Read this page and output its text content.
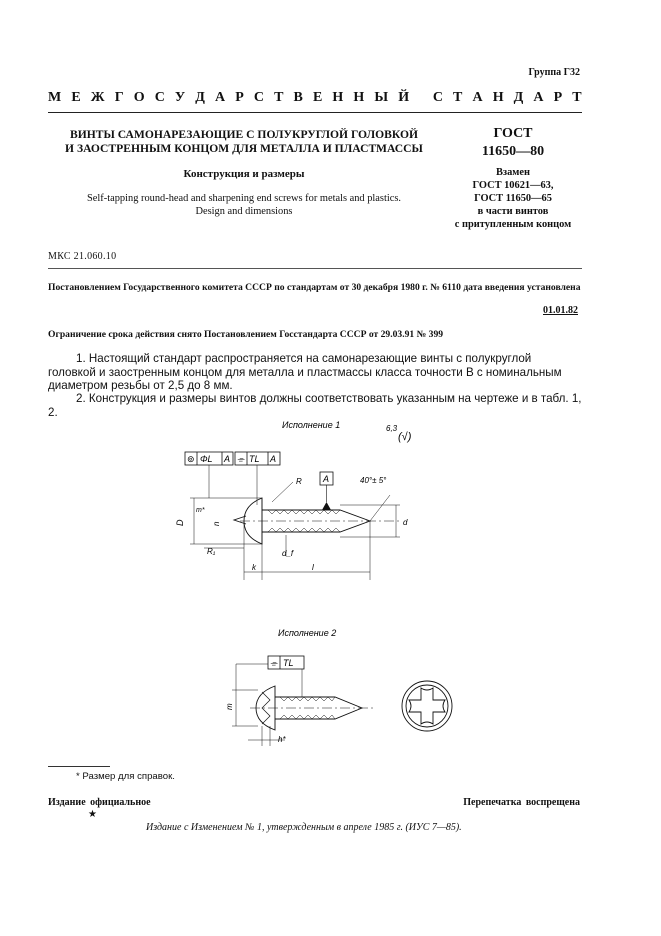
Группа Г32
М Е Ж Г О С У Д А Р С Т В Е Н Н Ы Й
С Т А Н Д А Р Т
ВИНТЫ САМОНАРЕЗАЮЩИЕ С ПОЛУКРУГЛОЙ ГОЛОВКОЙ
И ЗАОСТРЕННЫМ КОНЦОМ ДЛЯ МЕТАЛЛА И ПЛАСТМАССЫ
Конструкция и размеры
Self-tapping round-head and sharpening end screws for metals and plastics.
Design and dimensions
ГОСТ
11650—80
Взамен
ГОСТ 10621—63,
ГОСТ 11650—65
в части винтов
с притупленным концом
МКС 21.060.10
Постановлением Государственного комитета СССР по стандартам от 30 декабря 1980 г. № 6110 дата введения установлена
01.01.82
Ограничение срока действия снято Постановлением Госстандарта СССР от 29.03.91 № 399
1. Настоящий стандарт распространяется на самонарезающие винты с полукруглой головкой и заостренным концом для металла и пластмассы класса точности В с номинальным диаметром резьбы от 2,5 до 8 мм.
2. Конструкция и размеры винтов должны соответствовать указанным на чертеже и в табл. 1, 2.
Исполнение 1	6,3
(√)
⊚ ΦL A ⌯ TL A
A
R	40°± 5°
D	n
m*
R₁	d_f
d
k	l
Исполнение 2
⌯ TL
m
h*
* Размер для справок.
Издание официальное	Перепечатка воспрещена
★
Издание с Изменением № 1, утвержденным в апреле 1985 г. (ИУС 7—85).
